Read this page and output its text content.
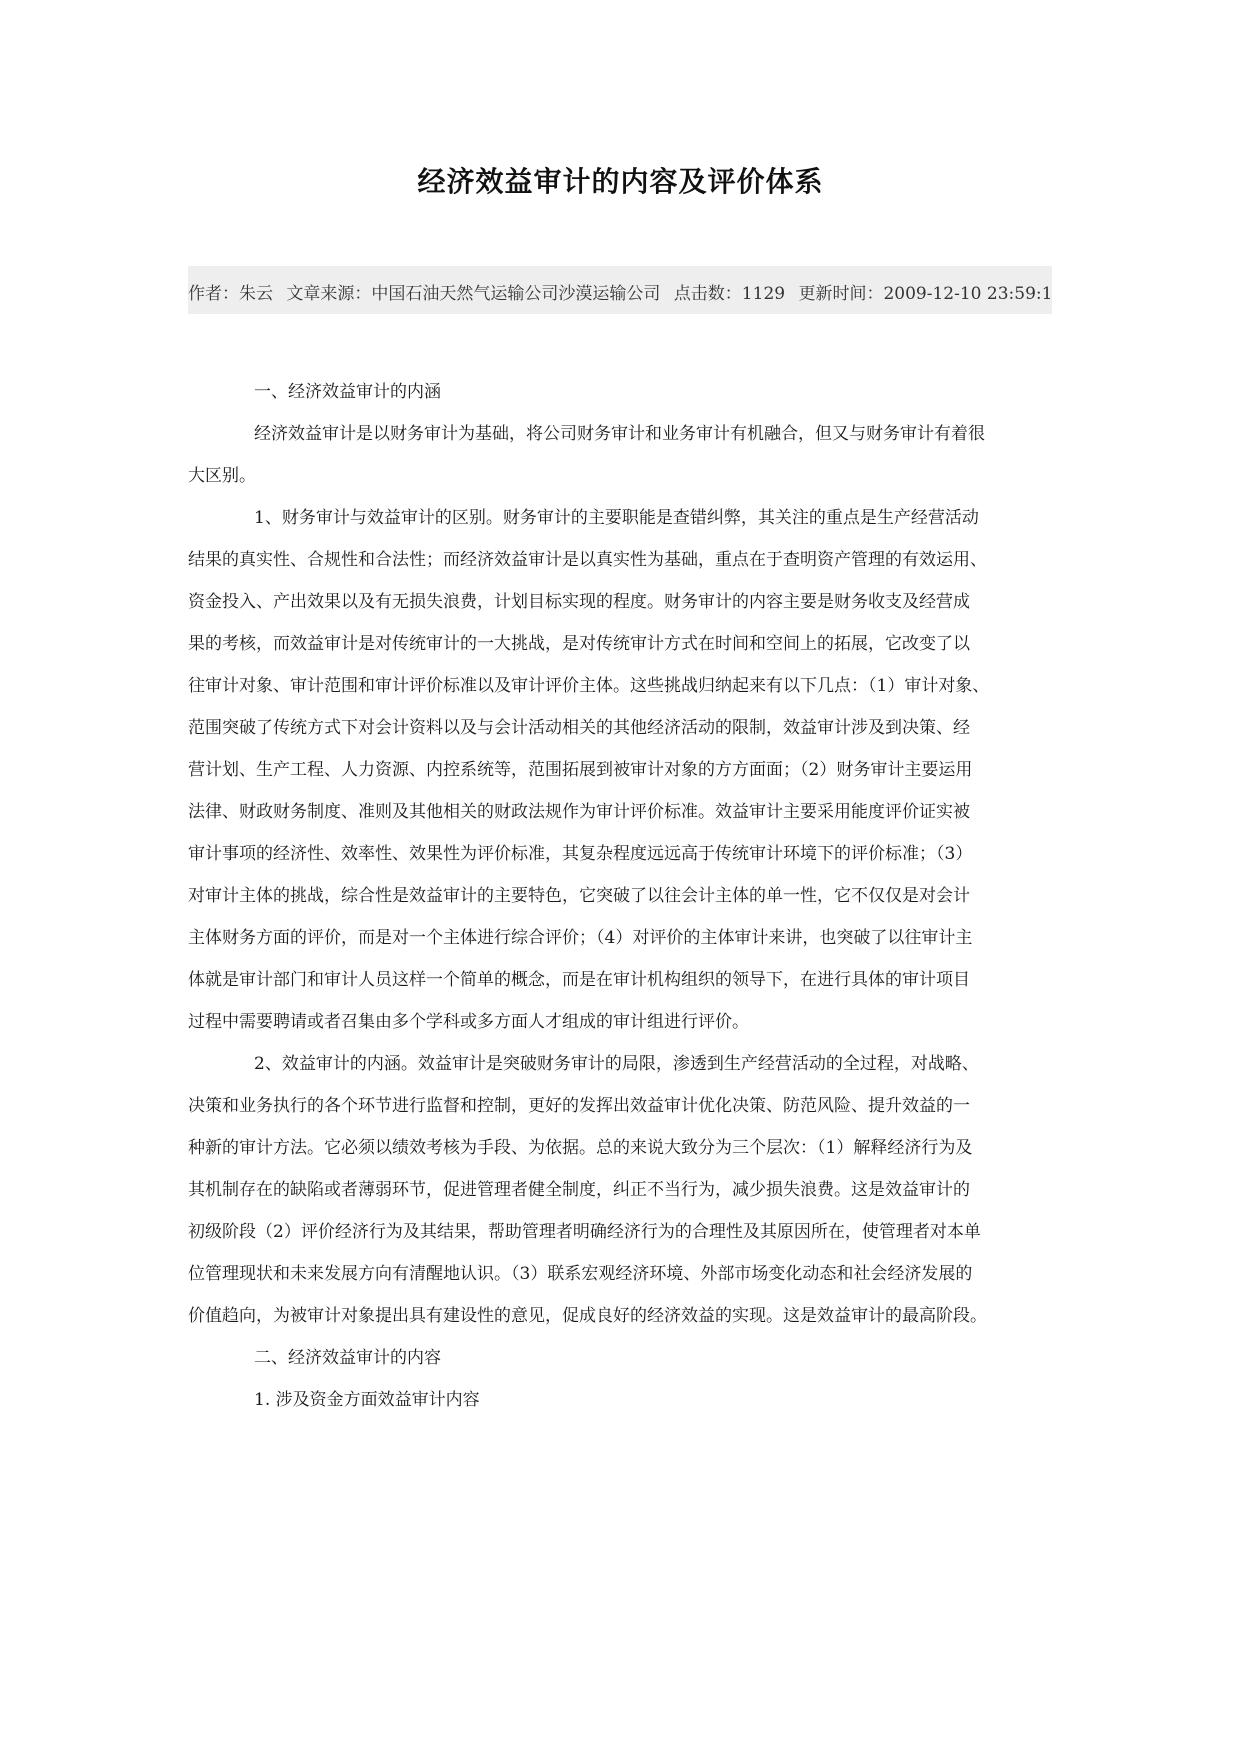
经济效益审计的内容及评价体系
作者：朱云 文章来源：中国石油天然气运输公司沙漠运输公司 点击数：1129 更新时间：2009-12-10 23:59:1

一、经济效益审计的内涵

经济效益审计是以财务审计为基础，将公司财务审计和业务审计有机融合，但又与财务审计有着很
大区别。

1、财务审计与效益审计的区别。财务审计的主要职能是查错纠弊，其关注的重点是生产经营活动
结果的真实性、合规性和合法性；而经济效益审计是以真实性为基础，重点在于查明资产管理的有效运用、
资金投入、产出效果以及有无损失浪费，计划目标实现的程度。财务审计的内容主要是财务收支及经营成
果的考核，而效益审计是对传统审计的一大挑战，是对传统审计方式在时间和空间上的拓展，它改变了以
往审计对象、审计范围和审计评价标准以及审计评价主体。这些挑战归纳起来有以下几点：（1）审计对象、
范围突破了传统方式下对会计资料以及与会计活动相关的其他经济活动的限制，效益审计涉及到决策、经
营计划、生产工程、人力资源、内控系统等，范围拓展到被审计对象的方方面面；（2）财务审计主要运用
法律、财政财务制度、准则及其他相关的财政法规作为审计评价标准。效益审计主要采用能度评价证实被
审计事项的经济性、效率性、效果性为评价标准，其复杂程度远远高于传统审计环境下的评价标准；（3）
对审计主体的挑战，综合性是效益审计的主要特色，它突破了以往会计主体的单一性，它不仅仅是对会计
主体财务方面的评价，而是对一个主体进行综合评价；（4）对评价的主体审计来讲，也突破了以往审计主
体就是审计部门和审计人员这样一个简单的概念，而是在审计机构组织的领导下，在进行具体的审计项目
过程中需要聘请或者召集由多个学科或多方面人才组成的审计组进行评价。

2、效益审计的内涵。效益审计是突破财务审计的局限，渗透到生产经营活动的全过程，对战略、
决策和业务执行的各个环节进行监督和控制，更好的发挥出效益审计优化决策、防范风险、提升效益的一
种新的审计方法。它必须以绩效考核为手段、为依据。总的来说大致分为三个层次：（1）解释经济行为及
其机制存在的缺陷或者薄弱环节，促进管理者健全制度，纠正不当行为，减少损失浪费。这是效益审计的
初级阶段（2）评价经济行为及其结果，帮助管理者明确经济行为的合理性及其原因所在，使管理者对本单
位管理现状和未来发展方向有清醒地认识。（3）联系宏观经济环境、外部市场变化动态和社会经济发展的
价值趋向，为被审计对象提出具有建设性的意见，促成良好的经济效益的实现。这是效益审计的最高阶段。

二、经济效益审计的内容

1. 涉及资金方面效益审计内容
